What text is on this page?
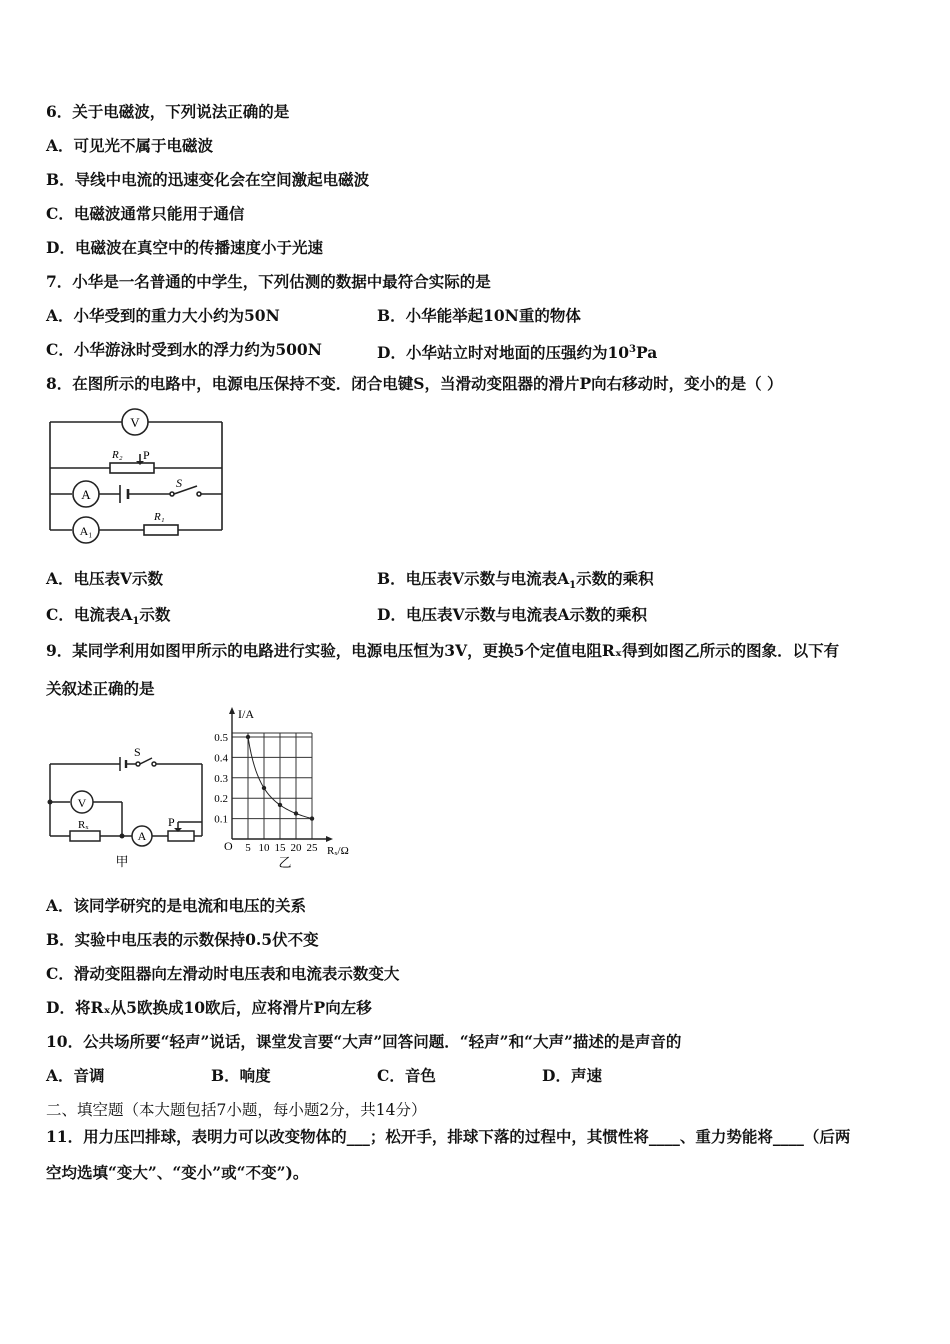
6．关于电磁波，下列说法正确的是
A．可见光不属于电磁波
B．导线中电流的迅速变化会在空间激起电磁波
C．电磁波通常只能用于通信
D．电磁波在真空中的传播速度小于光速
7．小华是一名普通的中学生，下列估测的数据中最符合实际的是
A．小华受到的重力大小约为50N	B．小华能举起10N重的物体
C．小华游泳时受到水的浮力约为500N	D．小华站立时对地面的压强约为$10^3Pa$
8．在图所示的电路中，电源电压保持不变．闭合电键S，当滑动变阻器的滑片P向右移动时，变小的是（ ）
V
R₂ P
A
S
A₁
R₁
A．电压表V示数	B．电压表V示数与电流表$A_1$示数的乘积
C．电流表$A_1$示数	D．电压表V示数与电流表A示数的乘积
9．某同学利用如图甲所示的电路进行实验，电源电压恒为3V，更换5个定值电阻Rₓ得到如图乙所示的图象．以下有
关叙述正确的是
S
V
Rₓ
A
P
甲
5 10 15 20 25
0.1
0.2
0.3
0.4
0.5
I/A
Rₓ/Ω
O
乙
A．该同学研究的是电流和电压的关系
B．实验中电压表的示数保持0.5伏不变
C．滑动变阻器向左滑动时电压表和电流表示数变大
D．将Rₓ从5欧换成10欧后，应将滑片P向左移
10．公共场所要“轻声”说话，课堂发言要“大声”回答问题．“轻声”和“大声”描述的是声音的
A．音调	B．响度	C．音色	D．声速
二、填空题（本大题包括7小题，每小题2分，共14分）
11．用力压凹排球，表明力可以改变物体的___；松开手，排球下落的过程中，其惯性将____、重力势能将____（后两
空均选填“变大”、“变小”或“不变”)。
